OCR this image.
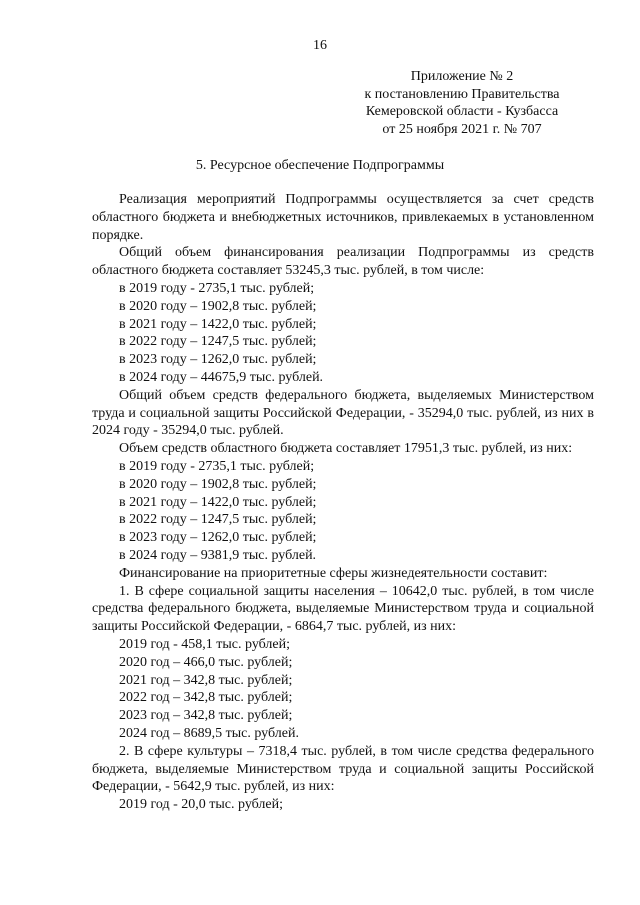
16
Приложение № 2
к постановлению Правительства
Кемеровской области - Кузбасса
от 25 ноября 2021 г. № 707
5. Ресурсное обеспечение Подпрограммы

Реализация мероприятий Подпрограммы осуществляется за счет средств областного бюджета и внебюджетных источников, привлекаемых в установленном порядке.

Общий объем финансирования реализации Подпрограммы из средств областного бюджета составляет 53245,3 тыс. рублей, в том числе:

в 2019 году - 2735,1 тыс. рублей;

в 2020 году – 1902,8 тыс. рублей;

в 2021 году – 1422,0 тыс. рублей;

в 2022 году – 1247,5 тыс. рублей;

в 2023 году – 1262,0 тыс. рублей;

в 2024 году – 44675,9 тыс. рублей.

Общий объем средств федерального бюджета, выделяемых Министерством труда и социальной защиты Российской Федерации, - 35294,0 тыс. рублей, из них в 2024 году - 35294,0 тыс. рублей.

Объем средств областного бюджета составляет 17951,3 тыс. рублей, из них:

в 2019 году - 2735,1 тыс. рублей;

в 2020 году – 1902,8 тыс. рублей;

в 2021 году – 1422,0 тыс. рублей;

в 2022 году – 1247,5 тыс. рублей;

в 2023 году – 1262,0 тыс. рублей;

в 2024 году – 9381,9 тыс. рублей.

Финансирование на приоритетные сферы жизнедеятельности составит:

1. В сфере социальной защиты населения – 10642,0 тыс. рублей, в том числе средства федерального бюджета, выделяемые Министерством труда и социальной защиты Российской Федерации, - 6864,7 тыс. рублей, из них:

2019 год - 458,1 тыс. рублей;

2020 год – 466,0 тыс. рублей;

2021 год – 342,8 тыс. рублей;

2022 год – 342,8 тыс. рублей;

2023 год – 342,8 тыс. рублей;

2024 год – 8689,5 тыс. рублей.

2. В сфере культуры – 7318,4 тыс. рублей, в том числе средства федерального бюджета, выделяемые Министерством труда и социальной защиты Российской Федерации, - 5642,9 тыс. рублей, из них:

2019 год - 20,0 тыс. рублей;
